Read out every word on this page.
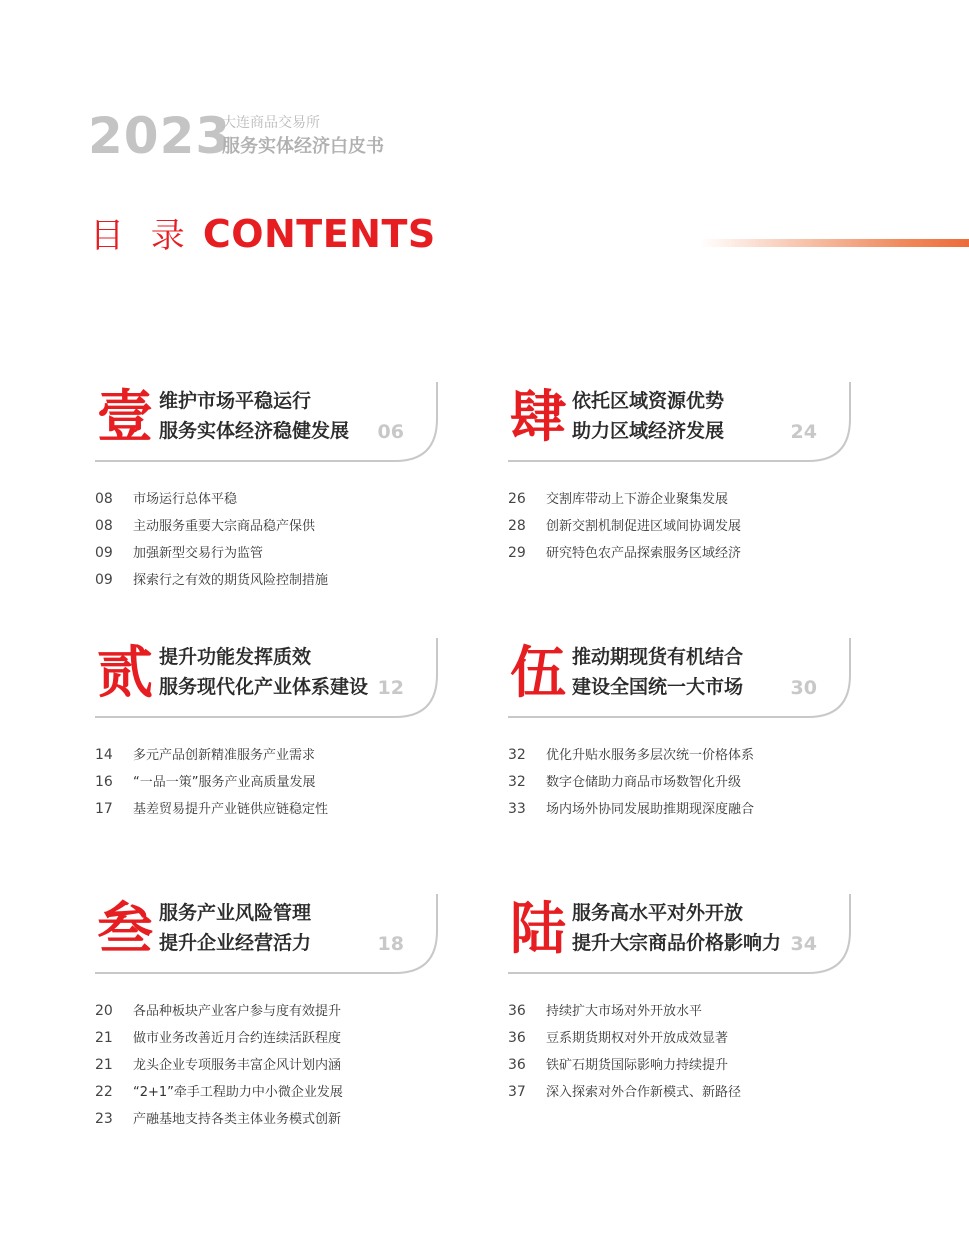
2023
大连商品交易所
服务实体经济白皮书
目 录 CONTENTS
壹 维护市场平稳运行
服务实体经济稳健发展 06
08 市场运行总体平稳
08 主动服务重要大宗商品稳产保供
09 加强新型交易行为监管
09 探索行之有效的期货风险控制措施
肆 依托区域资源优势
助力区域经济发展	24
26 交割库带动上下游企业聚集发展
28 创新交割机制促进区域间协调发展
29 研究特色农产品探索服务区域经济
贰 提升功能发挥质效
服务现代化产业体系建设 12
14 多元产品创新精准服务产业需求
16 “一品一策”服务产业高质量发展
17 基差贸易提升产业链供应链稳定性
伍 推动期现货有机结合
建设全国统一大市场	30
32 优化升贴水服务多层次统一价格体系
32 数字仓储助力商品市场数智化升级
33 场内场外协同发展助推期现深度融合
叁 服务产业风险管理
提升企业经营活力	18
20 各品种板块产业客户参与度有效提升
21 做市业务改善近月合约连续活跃程度
21 龙头企业专项服务丰富企风计划内涵
22 “2+1”牵手工程助力中小微企业发展
23 产融基地支持各类主体业务模式创新
陆 服务高水平对外开放
提升大宗商品价格影响力 34
36 持续扩大市场对外开放水平
36 豆系期货期权对外开放成效显著
36 铁矿石期货国际影响力持续提升
37 深入探索对外合作新模式、新路径
